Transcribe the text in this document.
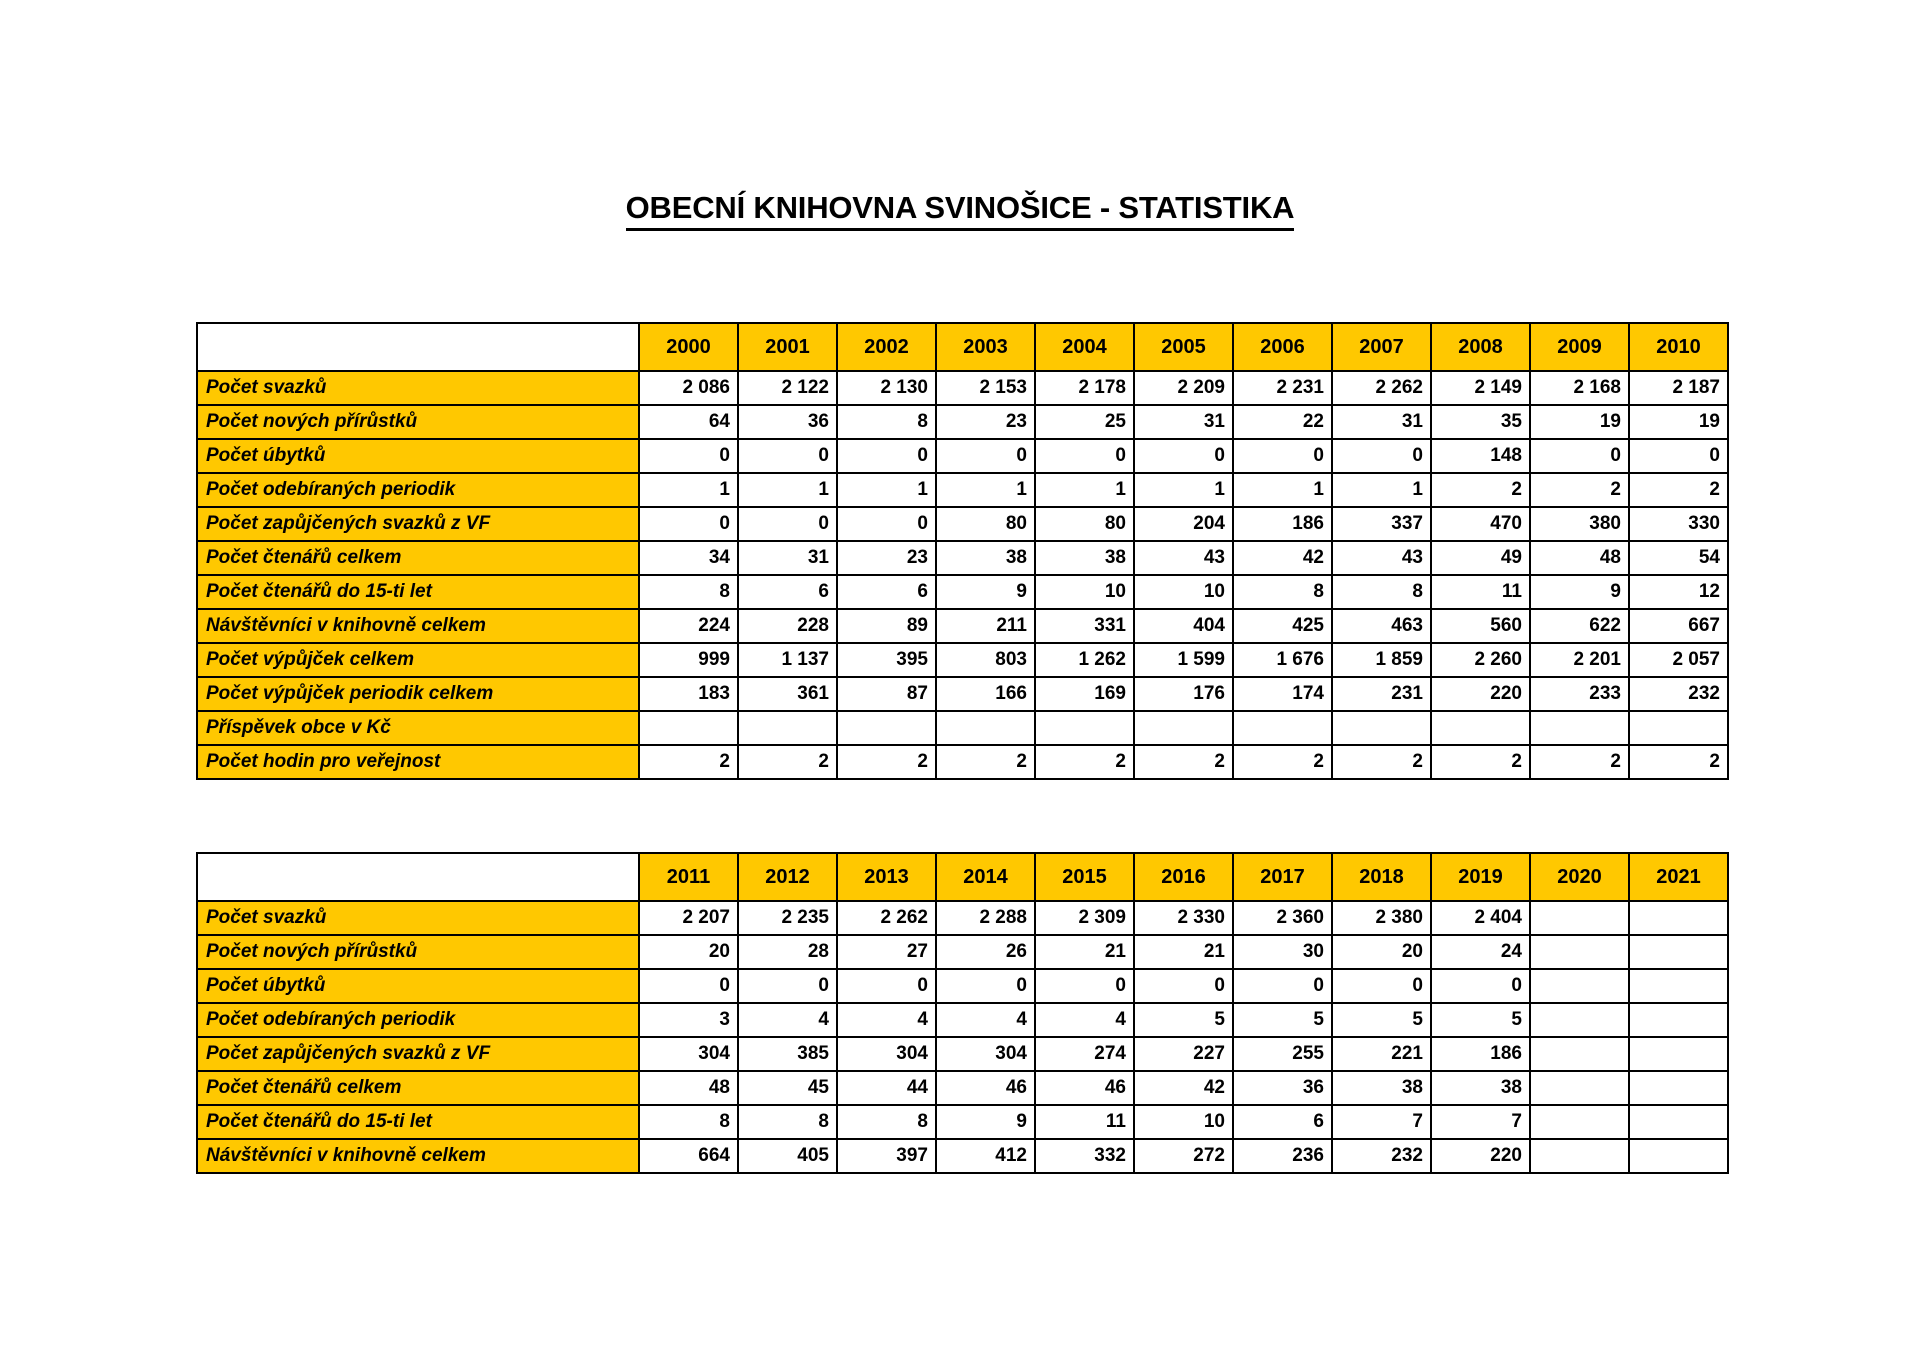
OBECNÍ KNIHOVNA SVINOŠICE - STATISTIKA
	2000	2001	2002	2003	2004	2005	2006	2007	2008	2009	2010
Počet svazků	2 086	2 122	2 130	2 153	2 178	2 209	2 231	2 262	2 149	2 168	2 187
Počet nových přírůstků	64	36	8	23	25	31	22	31	35	19	19
Počet úbytků	0	0	0	0	0	0	0	0	148	0	0
Počet odebíraných periodik	1	1	1	1	1	1	1	1	2	2	2
Počet zapůjčených svazků z VF	0	0	0	80	80	204	186	337	470	380	330
Počet čtenářů celkem	34	31	23	38	38	43	42	43	49	48	54
Počet čtenářů do 15-ti let	8	6	6	9	10	10	8	8	11	9	12
Návštěvníci v knihovně celkem	224	228	89	211	331	404	425	463	560	622	667
Počet výpůjček celkem	999	1 137	395	803	1 262	1 599	1 676	1 859	2 260	2 201	2 057
Počet výpůjček periodik celkem	183	361	87	166	169	176	174	231	220	233	232
Příspěvek obce v Kč											
Počet hodin pro veřejnost	2	2	2	2	2	2	2	2	2	2	2
	2011	2012	2013	2014	2015	2016	2017	2018	2019	2020	2021
Počet svazků	2 207	2 235	2 262	2 288	2 309	2 330	2 360	2 380	2 404		
Počet nových přírůstků	20	28	27	26	21	21	30	20	24		
Počet úbytků	0	0	0	0	0	0	0	0	0		
Počet odebíraných periodik	3	4	4	4	4	5	5	5	5		
Počet zapůjčených svazků z VF	304	385	304	304	274	227	255	221	186		
Počet čtenářů celkem	48	45	44	46	46	42	36	38	38		
Počet čtenářů do 15-ti let	8	8	8	9	11	10	6	7	7		
Návštěvníci v knihovně celkem	664	405	397	412	332	272	236	232	220		
